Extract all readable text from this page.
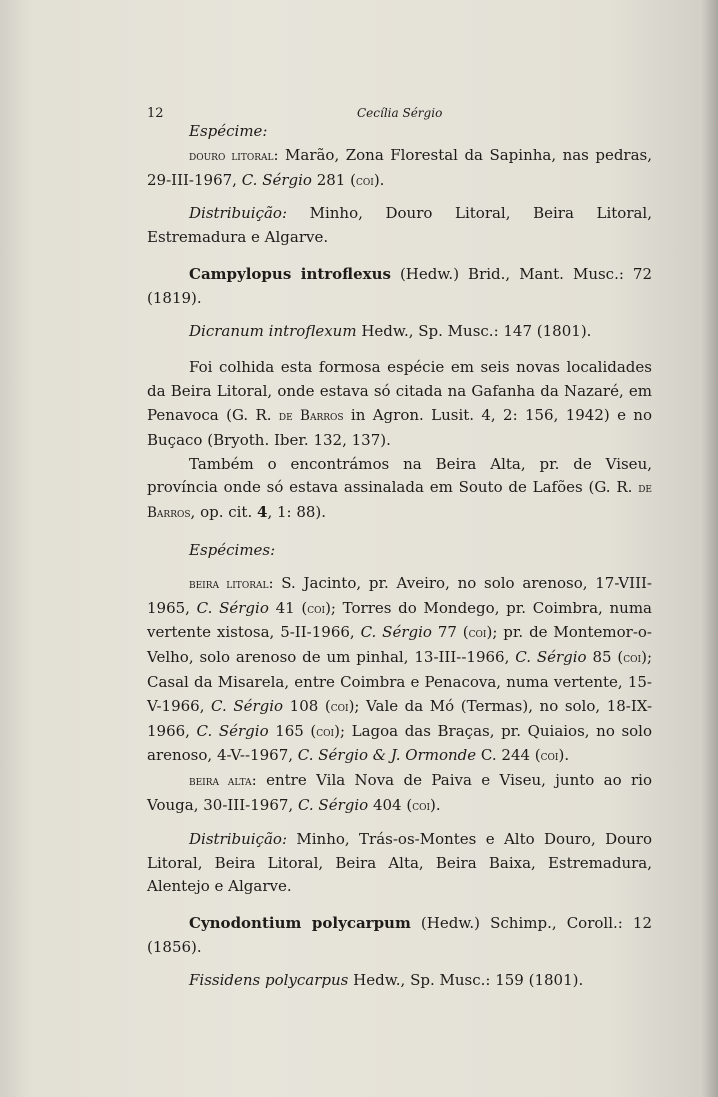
12	Cecília Sérgio

Espécime:

douro litoral: Marão, Zona Florestal da Sapinha, nas pedras, 29-III-1967, C. Sérgio 281 (coi).

Distribuição: Minho, Douro Litoral, Beira Litoral, Estremadura e Algarve.

Campylopus introflexus (Hedw.) Brid., Mant. Musc.: 72 (1819).

Dicranum introflexum Hedw., Sp. Musc.: 147 (1801).

Foi colhida esta formosa espécie em seis novas localidades da Beira Litoral, onde estava só citada na Gafanha da Nazaré, em Penavoca (G. R. de Barros in Agron. Lusit. 4, 2: 156, 1942) e no Buçaco (Bryoth. Iber. 132, 137).

Também o encontrámos na Beira Alta, pr. de Viseu, província onde só estava assinalada em Souto de Lafões (G. R. de Barros, op. cit. 4, 1: 88).

Espécimes:

beira litoral: S. Jacinto, pr. Aveiro, no solo arenoso, 17-VIII-1965, C. Sérgio 41 (coi); Torres do Mondego, pr. Coimbra, numa vertente xistosa, 5-II-1966, C. Sérgio 77 (coi); pr. de Montemor-o-Velho, solo arenoso de um pinhal, 13-III--1966, C. Sérgio 85 (coi); Casal da Misarela, entre Coimbra e Penacova, numa vertente, 15-V-1966, C. Sérgio 108 (coi); Vale da Mó (Termas), no solo, 18-IX-1966, C. Sérgio 165 (coi); Lagoa das Braças, pr. Quiaios, no solo arenoso, 4-V--1967, C. Sérgio & J. Ormonde C. 244 (coi).

beira alta: entre Vila Nova de Paiva e Viseu, junto ao rio Vouga, 30-III-1967, C. Sérgio 404 (coi).

Distribuição: Minho, Trás-os-Montes e Alto Douro, Douro Litoral, Beira Litoral, Beira Alta, Beira Baixa, Estremadura, Alentejo e Algarve.

Cynodontium polycarpum (Hedw.) Schimp., Coroll.: 12 (1856).

Fissidens polycarpus Hedw., Sp. Musc.: 159 (1801).
